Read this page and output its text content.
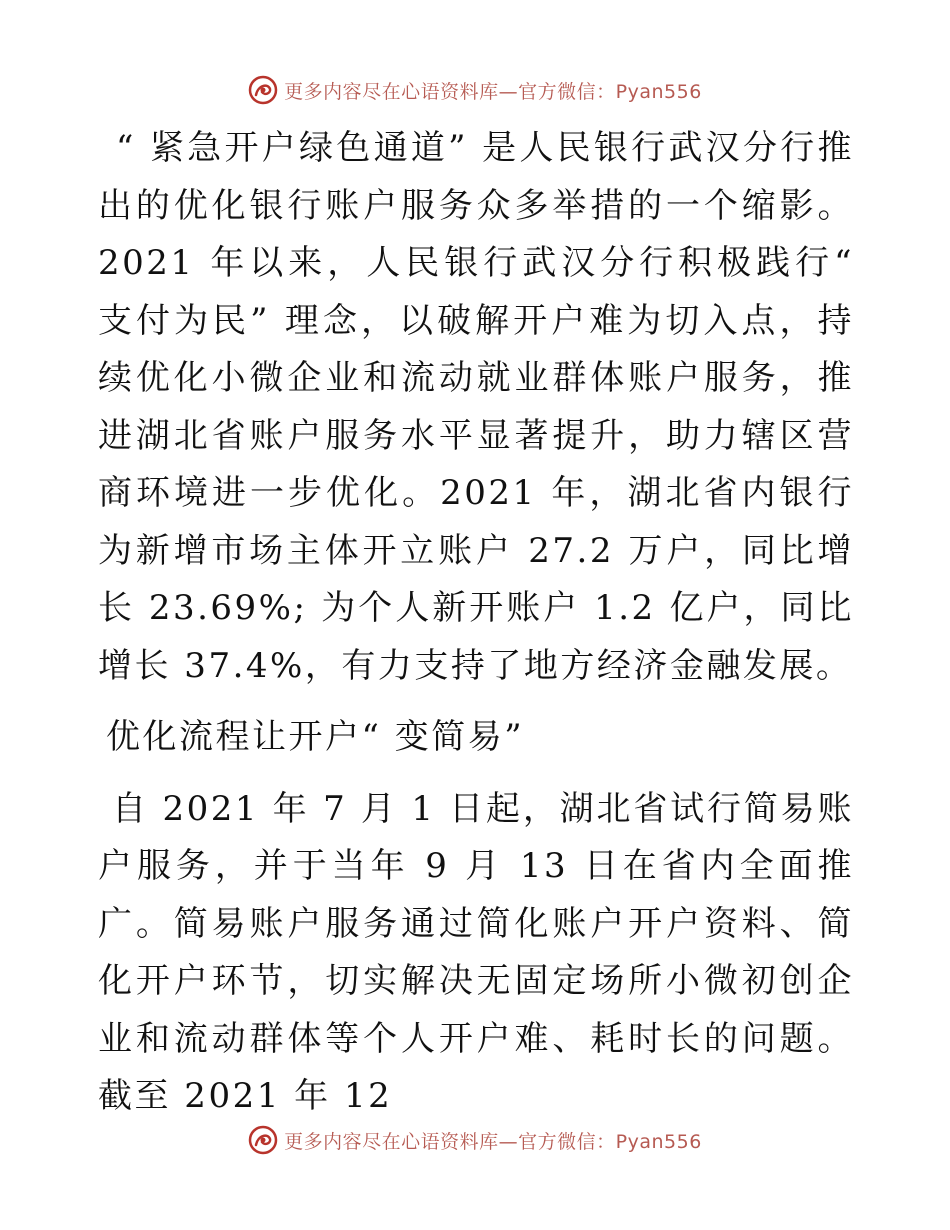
更多内容尽在心语资料库—官方微信：Pyan556

“ 紧急开户绿色通道” 是人民银行武汉分行推出的优化银行账户服务众多举措的一个缩影。2021 年以来，人民银行武汉分行积极践行“ 支付为民” 理念，以破解开户难为切入点，持续优化小微企业和流动就业群体账户服务，推进湖北省账户服务水平显著提升，助力辖区营商环境进一步优化。2021 年，湖北省内银行为新增市场主体开立账户 27.2 万户，同比增长 23.69%; 为个人新开账户 1.2 亿户，同比增长 37.4%，有力支持了地方经济金融发展。

优化流程让开户“ 变简易”

自 2021 年 7 月 1 日起，湖北省试行简易账户服务，并于当年 9 月 13 日在省内全面推广。简易账户服务通过简化账户开户资料、简化开户环节，切实解决无固定场所小微初创企业和流动群体等个人开户难、耗时长的问题。截至 2021 年 12

更多内容尽在心语资料库—官方微信：Pyan556
